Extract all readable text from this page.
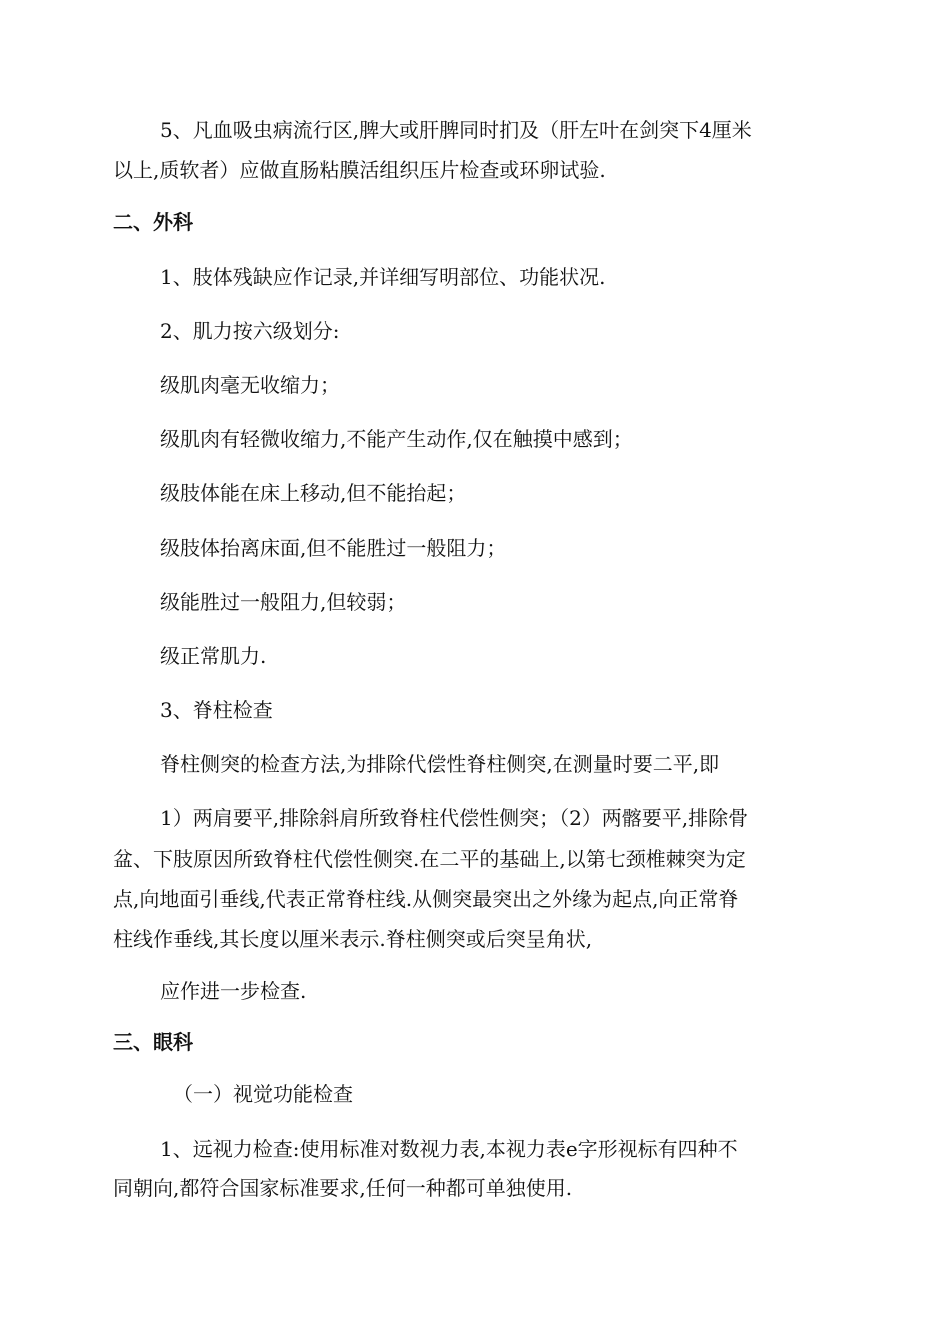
5、凡血吸虫病流行区,脾大或肝脾同时扪及（肝左叶在剑突下4厘米
以上,质软者）应做直肠粘膜活组织压片检查或环卵试验.
二、外科
1、肢体残缺应作记录,并详细写明部位、功能状况.
2、肌力按六级划分:
级肌肉毫无收缩力；
级肌肉有轻微收缩力,不能产生动作,仅在触摸中感到；
级肢体能在床上移动,但不能抬起；
级肢体抬离床面,但不能胜过一般阻力；
级能胜过一般阻力,但较弱；
级正常肌力.
3、脊柱检查
脊柱侧突的检查方法,为排除代偿性脊柱侧突,在测量时要二平,即
1）两肩要平,排除斜肩所致脊柱代偿性侧突；（2）两髂要平,排除骨
盆、下肢原因所致脊柱代偿性侧突.在二平的基础上,以第七颈椎棘突为定
点,向地面引垂线,代表正常脊柱线.从侧突最突出之外缘为起点,向正常脊
柱线作垂线,其长度以厘米表示.脊柱侧突或后突呈角状,
应作进一步检查.
三、眼科
（一）视觉功能检查
1、远视力检查:使用标准对数视力表,本视力表e字形视标有四种不
同朝向,都符合国家标准要求,任何一种都可单独使用.
